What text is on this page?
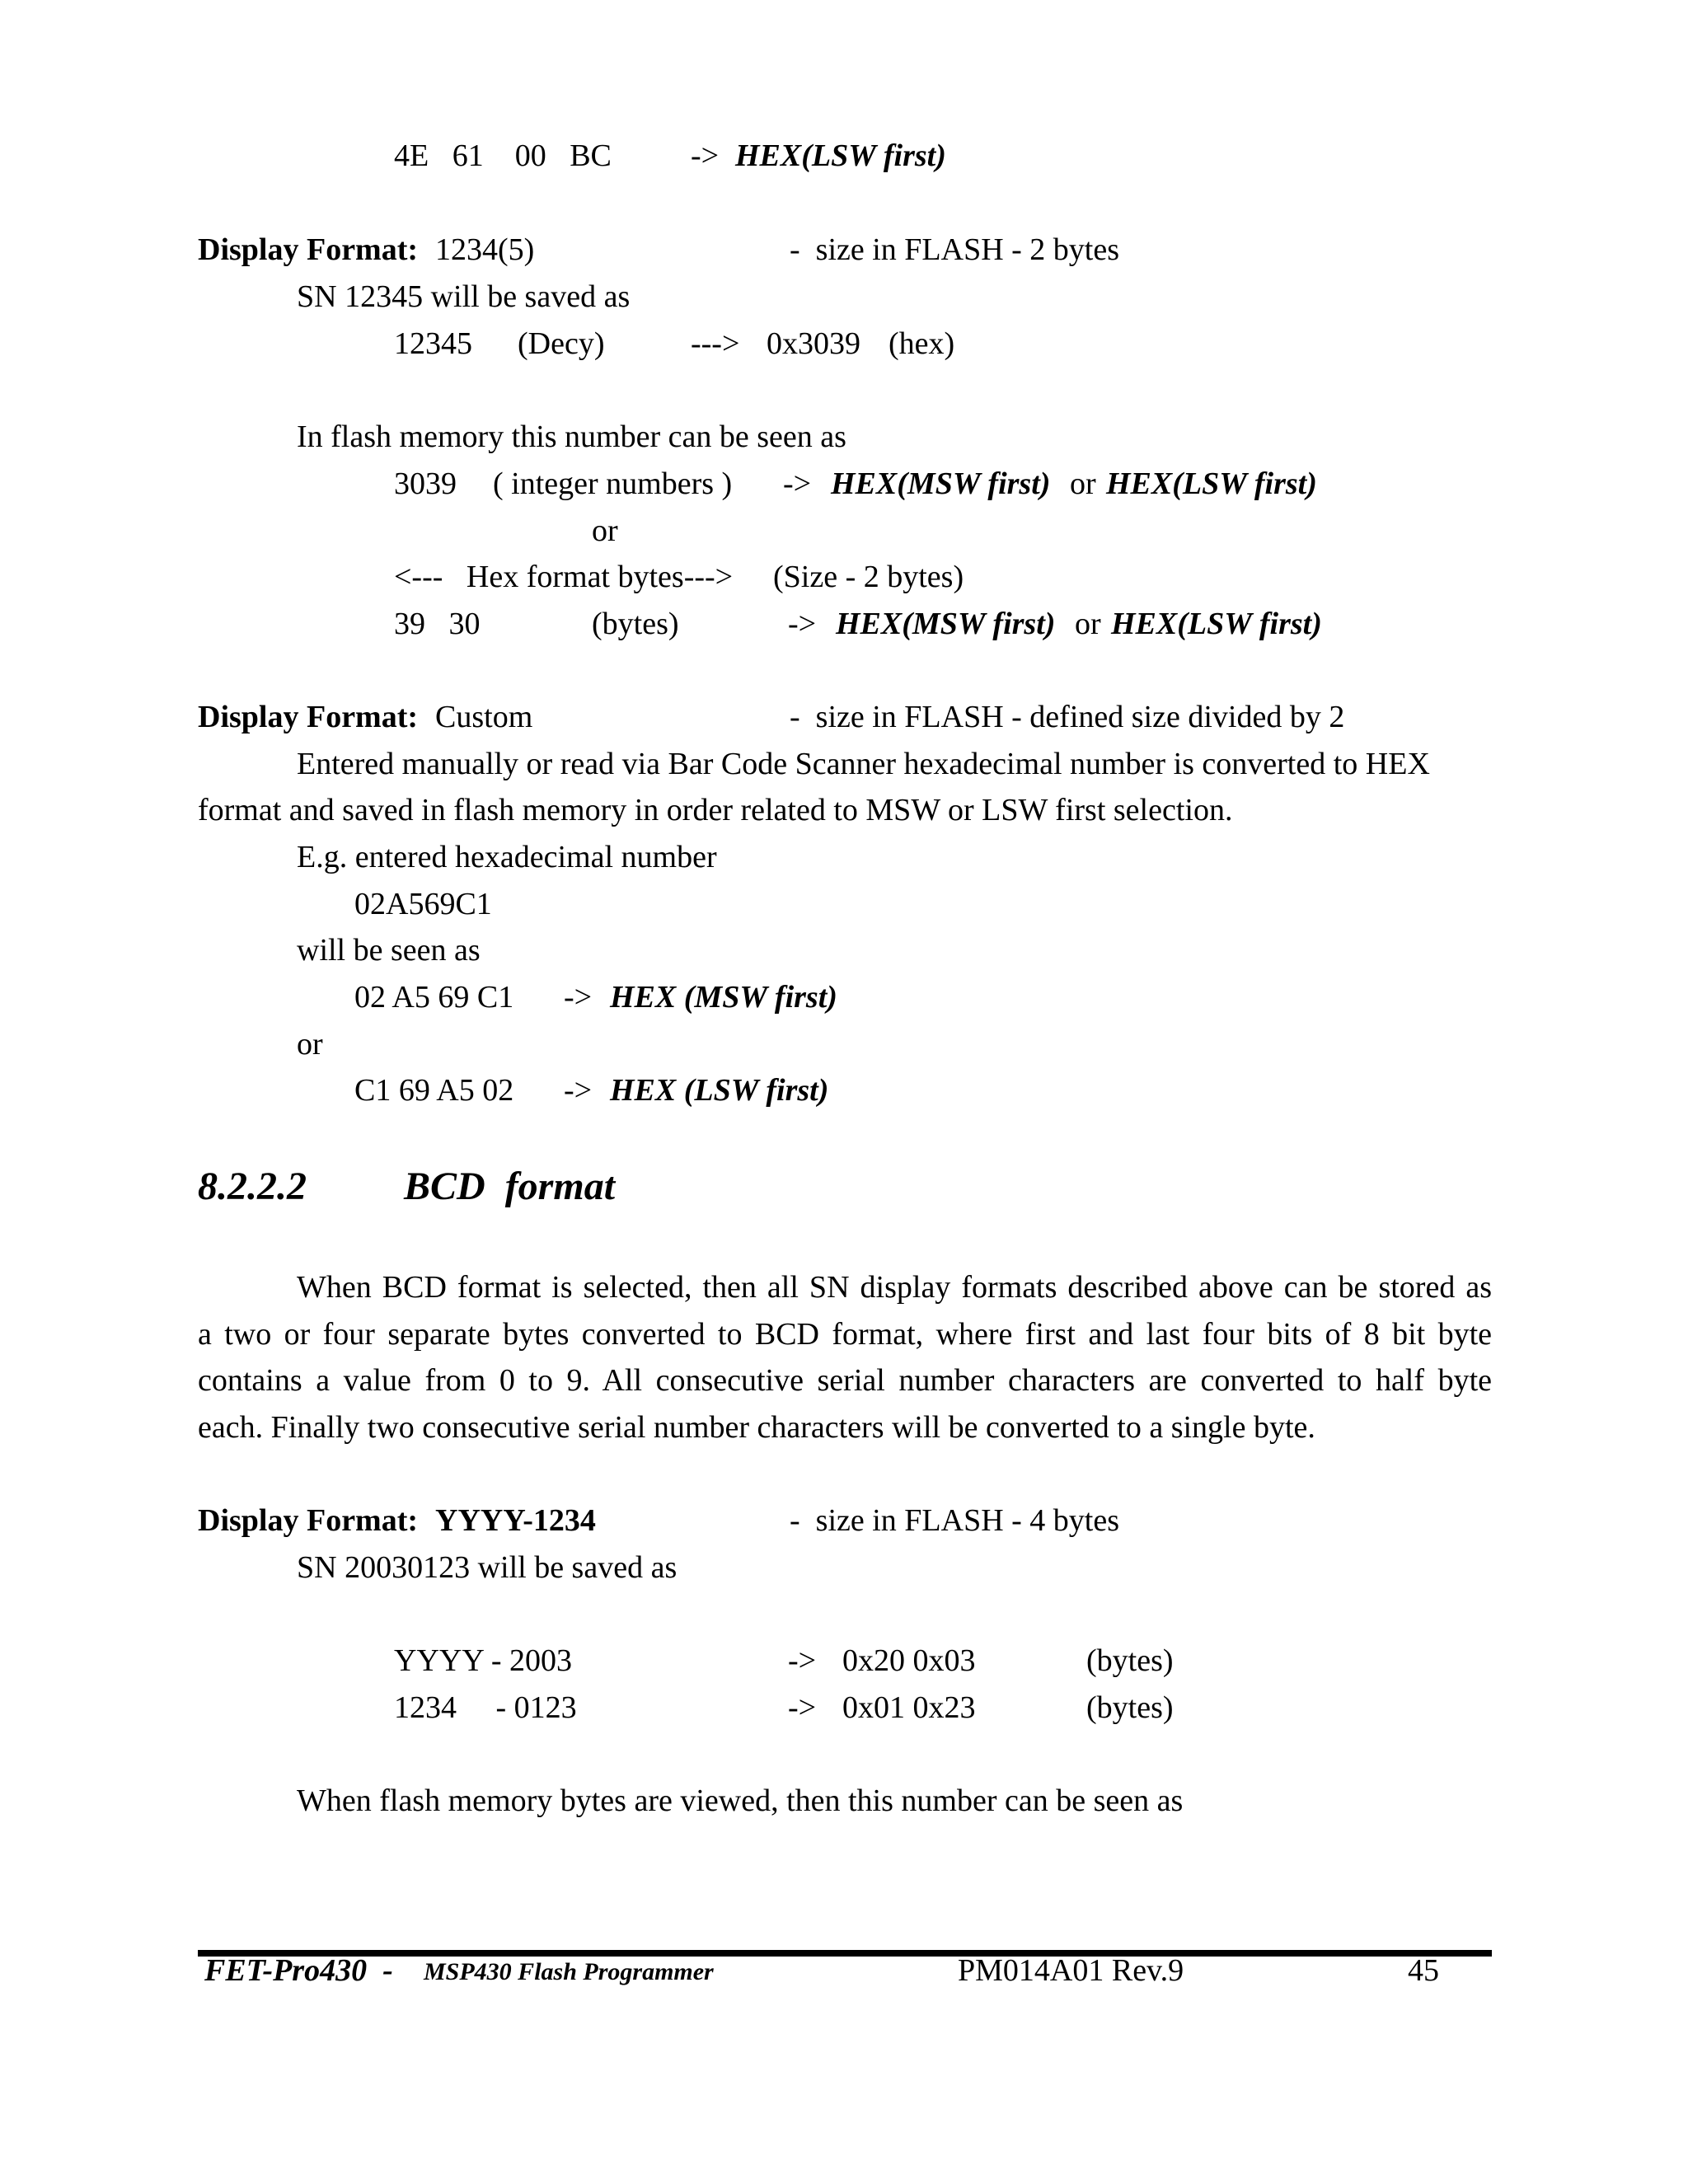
4E   61    00   BC	-> HEX(LSW first)
Display Format: 1234(5)	-  size in FLASH - 2 bytes
SN 12345 will be saved as
12345 (Decy)	---> 0x3039 (hex)
In flash memory this number can be seen as
3039 ( integer numbers ) -> HEX(MSW first) or HEX(LSW first)
or
<---   Hex format bytes---> (Size - 2 bytes)
39   30	(bytes)	-> HEX(MSW first) or HEX(LSW first)
Display Format: Custom	-  size in FLASH - defined size divided by 2
Entered manually or read via Bar Code Scanner hexadecimal number is converted to HEX
format and saved in flash memory in order related to MSW or LSW first selection.
E.g. entered hexadecimal number
02A569C1
will be seen as
02 A5 69 C1 -> HEX (MSW first)
or
C1 69 A5 02 -> HEX (LSW first)
8.2.2.2 BCD  format
When BCD format is selected, then all SN display formats described above can be stored as
a two or four separate bytes converted to BCD format, where first and last four bits of 8 bit byte
contains a value from 0 to 9. All consecutive serial number characters are converted to half byte
each. Finally two consecutive serial number characters will be converted to a single byte.
Display Format: YYYY-1234	-  size in FLASH - 4 bytes
SN 20030123 will be saved as
YYYY - 2003	-> 0x20 0x03	(bytes)
1234     - 0123	-> 0x01 0x23	(bytes)
When flash memory bytes are viewed, then this number can be seen as
FET-Pro430  - MSP430 Flash Programmer	PM014A01 Rev.9	45
